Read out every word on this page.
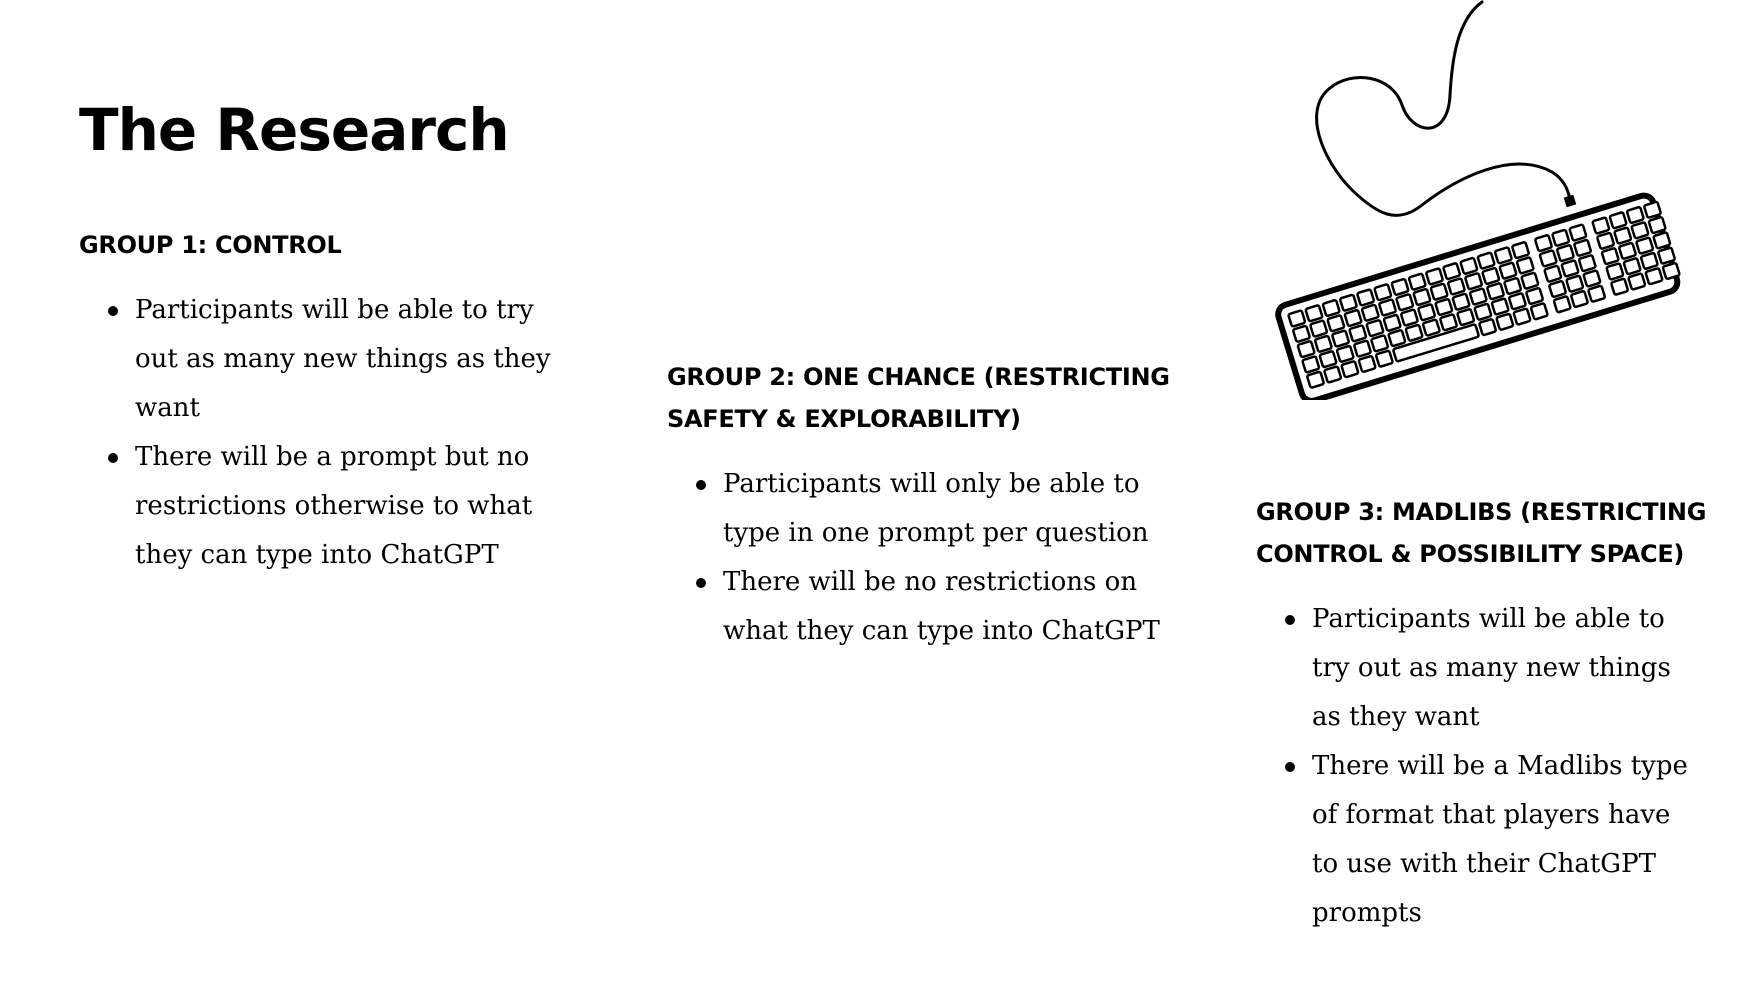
The Research
GROUP 1: CONTROL
Participants will be able to try out as many new things as they want
There will be a prompt but no restrictions otherwise to what they can type into ChatGPT
GROUP 2: ONE CHANCE (RESTRICTING SAFETY & EXPLORABILITY)
Participants will only be able to type in one prompt per question
There will be no restrictions on what they can type into ChatGPT
GROUP 3: MADLIBS (RESTRICTING CONTROL & POSSIBILITY SPACE)
Participants will be able to try out as many new things as they want
There will be a Madlibs type of format that players have to use with their ChatGPT prompts
